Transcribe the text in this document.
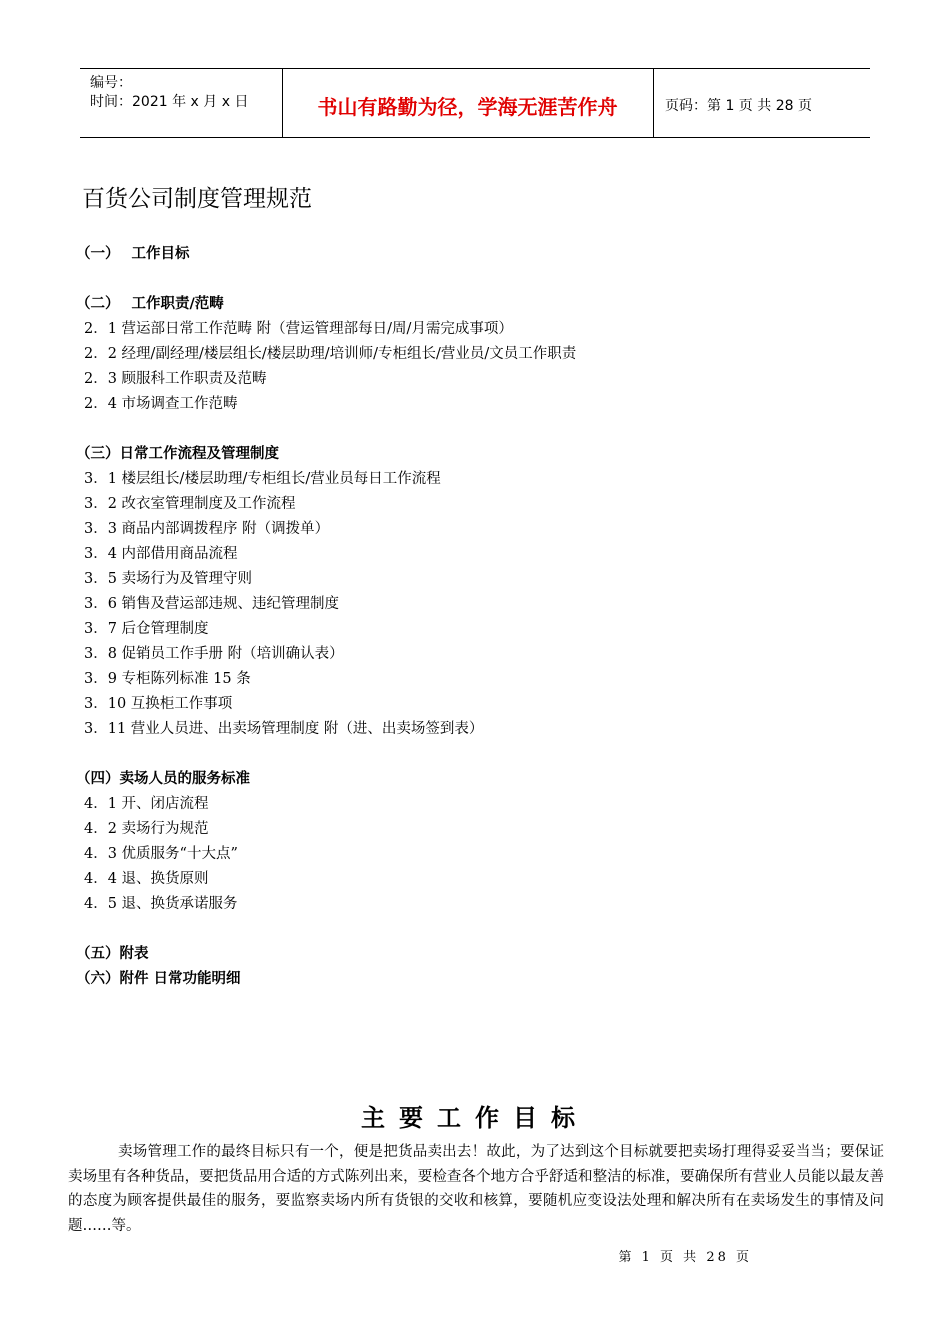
编号：
时间：2021 年 x 月 x 日	书山有路勤为径，学海无涯苦作舟	页码：第 1 页 共 28 页
百货公司制度管理规范
（一） 工作目标
（二） 工作职责/范畴
2．1 营运部日常工作范畴 附（营运管理部每日/周/月需完成事项）
2．2 经理/副经理/楼层组长/楼层助理/培训师/专柜组长/营业员/文员工作职责
2．3 顾服科工作职责及范畴
2．4 市场调查工作范畴
（三）日常工作流程及管理制度
3．1 楼层组长/楼层助理/专柜组长/营业员每日工作流程
3．2 改衣室管理制度及工作流程
3．3 商品内部调拨程序 附（调拨单）
3．4 内部借用商品流程
3．5 卖场行为及管理守则
3．6 销售及营运部违规、违纪管理制度
3．7 后仓管理制度
3．8 促销员工作手册 附（培训确认表）
3．9 专柜陈列标准 15 条
3．10 互换柜工作事项
3．11 营业人员进、出卖场管理制度 附（进、出卖场签到表）
（四）卖场人员的服务标准
4．1 开、闭店流程
4．2 卖场行为规范
4．3 优质服务“十大点”
4．4 退、换货原则
4．5 退、换货承诺服务
（五）附表
（六）附件 日常功能明细
主要工作目标
卖场管理工作的最终目标只有一个，便是把货品卖出去！故此，为了达到这个目标就要把卖场打理得妥妥当当；要保证卖场里有各种货品，要把货品用合适的方式陈列出来，要检查各个地方合乎舒适和整洁的标准，要确保所有营业人员能以最友善的态度为顾客提供最佳的服务，要监察卖场内所有货银的交收和核算，要随机应变设法处理和解决所有在卖场发生的事情及问题……等。
第 1 页 共 28 页
